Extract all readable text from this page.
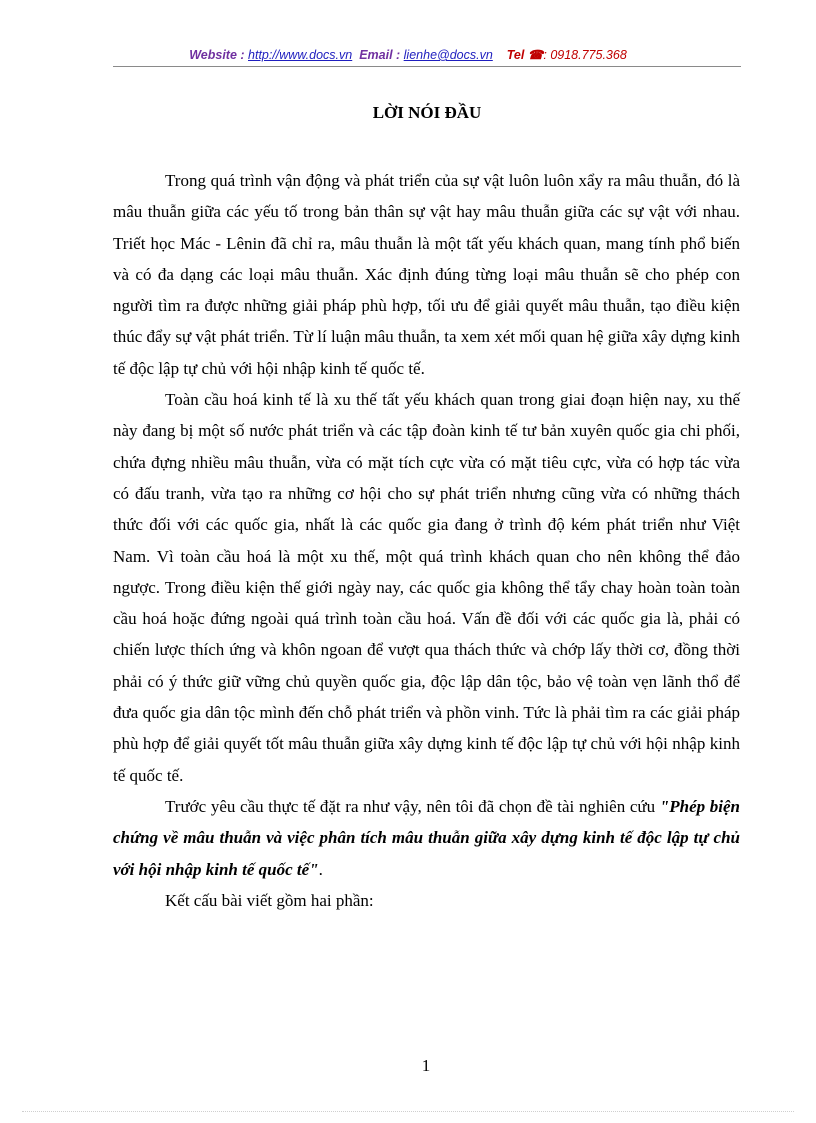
Website : http://www.docs.vn Email : lienhe@docs.vn Tel ☎: 0918.775.368
LỜI NÓI ĐẦU

Trong quá trình vận động và phát triển của sự vật luôn luôn xẩy ra mâu thuẫn, đó là mâu thuẫn giữa các yếu tố trong bản thân sự vật hay mâu thuẫn giữa các sự vật với nhau. Triết học Mác - Lênin đã chỉ ra, mâu thuẫn là một tất yếu khách quan, mang tính phổ biến và có đa dạng các loại mâu thuẫn. Xác định đúng từng loại mâu thuẫn sẽ cho phép con người tìm ra được những giải pháp phù hợp, tối ưu để giải quyết mâu thuẫn, tạo điều kiện thúc đẩy sự vật phát triển. Từ lí luận mâu thuẫn, ta xem xét mối quan hệ giữa xây dựng kinh tế độc lập tự chủ với hội nhập kinh tế quốc tế.

Toàn cầu hoá kinh tế là xu thế tất yếu khách quan trong giai đoạn hiện nay, xu thế này đang bị một số nước phát triển và các tập đoàn kinh tế tư bản xuyên quốc gia chi phối, chứa đựng nhiều mâu thuẫn, vừa có mặt tích cực vừa có mặt tiêu cực, vừa có hợp tác vừa có đấu tranh, vừa tạo ra những cơ hội cho sự phát triển nhưng cũng vừa có những thách thức đối với các quốc gia, nhất là các quốc gia đang ở trình độ kém phát triển như Việt Nam. Vì toàn cầu hoá là một xu thế, một quá trình khách quan cho nên không thể đảo ngược. Trong điều kiện thế giới ngày nay, các quốc gia không thể tẩy chay hoàn toàn toàn cầu hoá hoặc đứng ngoài quá trình toàn cầu hoá. Vấn đề đối với các quốc gia là, phải có chiến lược thích ứng và khôn ngoan để vượt qua thách thức và chớp lấy thời cơ, đồng thời phải có ý thức giữ vững chủ quyền quốc gia, độc lập dân tộc, bảo vệ toàn vẹn lãnh thổ để đưa quốc gia dân tộc mình đến chỗ phát triển và phồn vinh. Tức là phải tìm ra các giải pháp phù hợp để giải quyết tốt mâu thuẫn giữa xây dựng kinh tế độc lập tự chủ với hội nhập kinh tế quốc tế.

Trước yêu cầu thực tế đặt ra như vậy, nên tôi đã chọn đề tài nghiên cứu "Phép biện chứng về mâu thuẫn và việc phân tích mâu thuẫn giữa xây dựng kinh tế độc lập tự chủ với hội nhập kinh tế quốc tế".

Kết cấu bài viết gồm hai phần:

1
